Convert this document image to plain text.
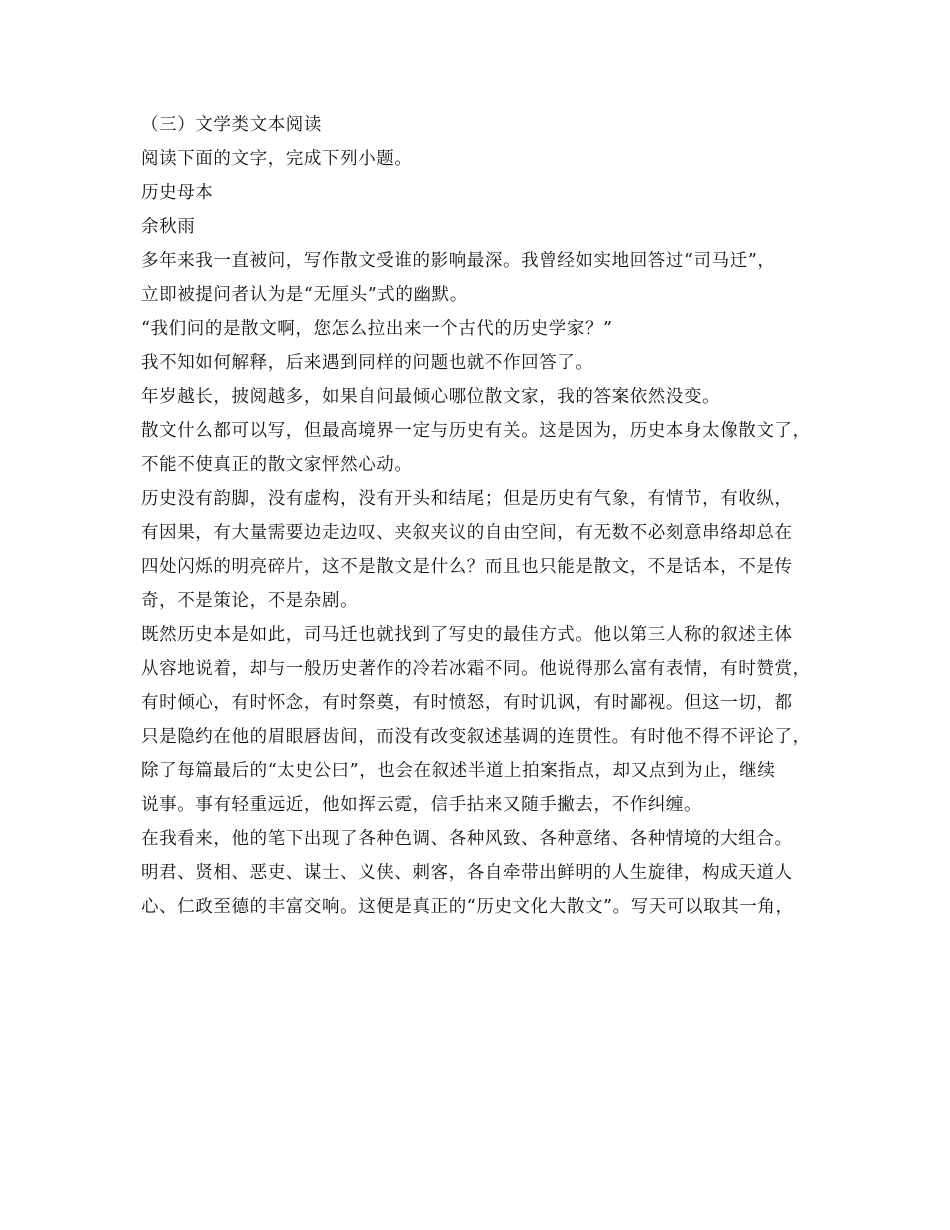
（三）文学类文本阅读
阅读下面的文字，完成下列小题。
历史母本
余秋雨
多年来我一直被问，写作散文受谁的影响最深。我曾经如实地回答过“司马迁”，
立即被提问者认为是“无厘头”式的幽默。
“我们问的是散文啊，您怎么拉出来一个古代的历史学家？”
我不知如何解释，后来遇到同样的问题也就不作回答了。
年岁越长，披阅越多，如果自问最倾心哪位散文家，我的答案依然没变。
散文什么都可以写，但最高境界一定与历史有关。这是因为，历史本身太像散文了，
不能不使真正的散文家怦然心动。
历史没有韵脚，没有虚构，没有开头和结尾；但是历史有气象，有情节，有收纵，
有因果，有大量需要边走边叹、夹叙夹议的自由空间，有无数不必刻意串络却总在
四处闪烁的明亮碎片，这不是散文是什么？而且也只能是散文，不是话本，不是传
奇，不是策论，不是杂剧。
既然历史本是如此，司马迁也就找到了写史的最佳方式。他以第三人称的叙述主体
从容地说着，却与一般历史著作的冷若冰霜不同。他说得那么富有表情，有时赞赏，
有时倾心，有时怀念，有时祭奠，有时愤怒，有时讥讽，有时鄙视。但这一切，都
只是隐约在他的眉眼唇齿间，而没有改变叙述基调的连贯性。有时他不得不评论了，
除了每篇最后的“太史公曰”，也会在叙述半道上拍案指点，却又点到为止，继续
说事。事有轻重远近，他如挥云霓，信手拈来又随手撇去，不作纠缠。
在我看来，他的笔下出现了各种色调、各种风致、各种意绪、各种情境的大组合。
明君、贤相、恶吏、谋士、义侠、刺客，各自牵带出鲜明的人生旋律，构成天道人
心、仁政至德的丰富交响。这便是真正的“历史文化大散文”。写天可以取其一角，
